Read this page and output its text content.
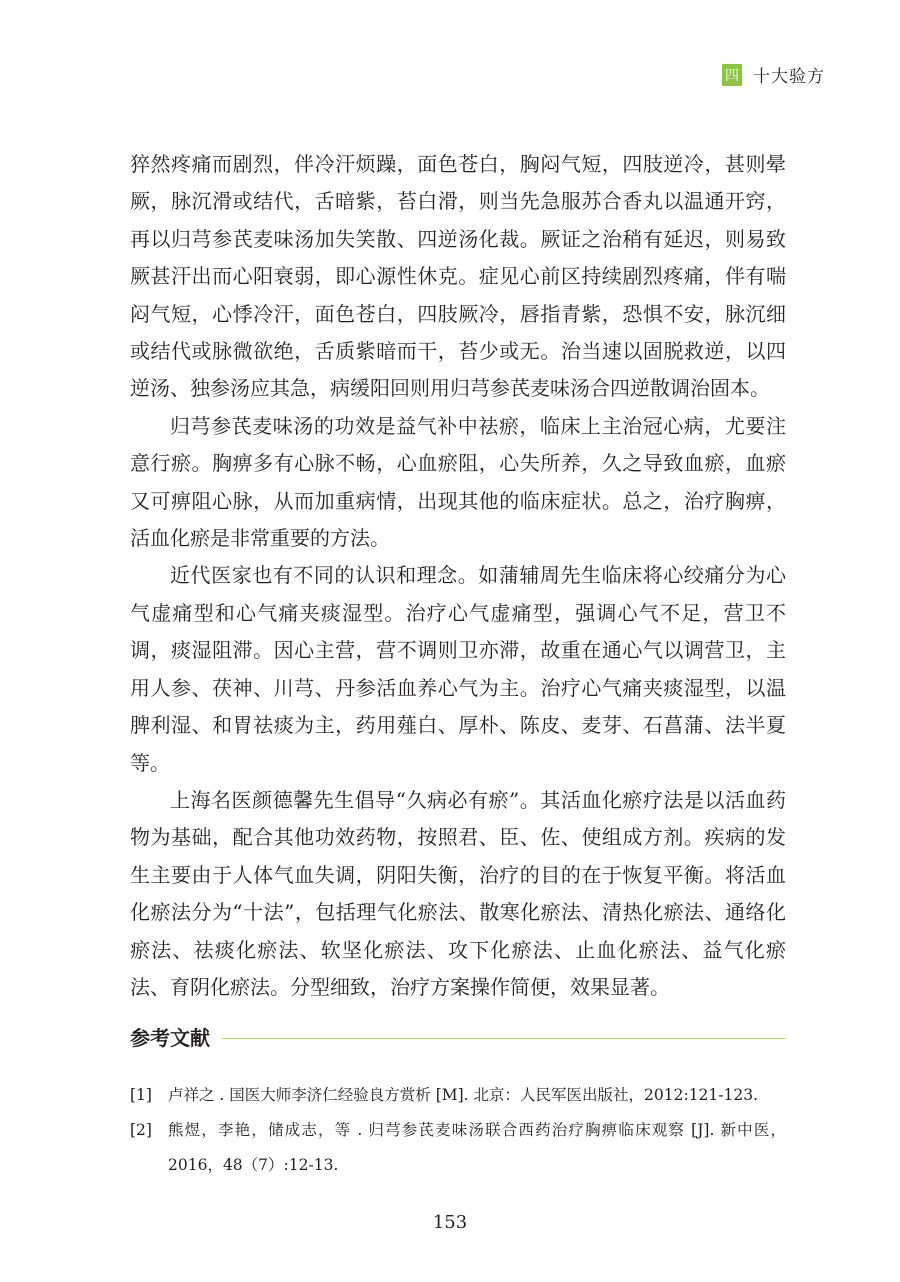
四 十大验方

猝然疼痛而剧烈，伴冷汗烦躁，面色苍白，胸闷气短，四肢逆冷，甚则晕厥，脉沉滑或结代，舌暗紫，苔白滑，则当先急服苏合香丸以温通开窍，再以归芎参芪麦味汤加失笑散、四逆汤化裁。厥证之治稍有延迟，则易致厥甚汗出而心阳衰弱，即心源性休克。症见心前区持续剧烈疼痛，伴有喘闷气短，心悸冷汗，面色苍白，四肢厥冷，唇指青紫，恐惧不安，脉沉细或结代或脉微欲绝，舌质紫暗而干，苔少或无。治当速以固脱救逆，以四逆汤、独参汤应其急，病缓阳回则用归芎参芪麦味汤合四逆散调治固本。

归芎参芪麦味汤的功效是益气补中祛瘀，临床上主治冠心病，尤要注意行瘀。胸痹多有心脉不畅，心血瘀阻，心失所养，久之导致血瘀，血瘀又可痹阻心脉，从而加重病情，出现其他的临床症状。总之，治疗胸痹，活血化瘀是非常重要的方法。

近代医家也有不同的认识和理念。如蒲辅周先生临床将心绞痛分为心气虚痛型和心气痛夹痰湿型。治疗心气虚痛型，强调心气不足，营卫不调，痰湿阻滞。因心主营，营不调则卫亦滞，故重在通心气以调营卫，主用人参、茯神、川芎、丹参活血养心气为主。治疗心气痛夹痰湿型，以温脾利湿、和胃祛痰为主，药用薤白、厚朴、陈皮、麦芽、石菖蒲、法半夏等。

上海名医颜德馨先生倡导“久病必有瘀”。其活血化瘀疗法是以活血药物为基础，配合其他功效药物，按照君、臣、佐、使组成方剂。疾病的发生主要由于人体气血失调，阴阳失衡，治疗的目的在于恢复平衡。将活血化瘀法分为“十法”，包括理气化瘀法、散寒化瘀法、清热化瘀法、通络化瘀法、祛痰化瘀法、软坚化瘀法、攻下化瘀法、止血化瘀法、益气化瘀法、育阴化瘀法。分型细致，治疗方案操作简便，效果显著。

参考文献
[1]	卢祥之 . 国医大师李济仁经验良方赏析 [M]. 北京：人民军医出版社，2012:121-123.
[2]	熊煜，李艳，储成志，等 . 归芎参芪麦味汤联合西药治疗胸痹临床观察 [J]. 新中医，2016，48（7）:12-13.
153
